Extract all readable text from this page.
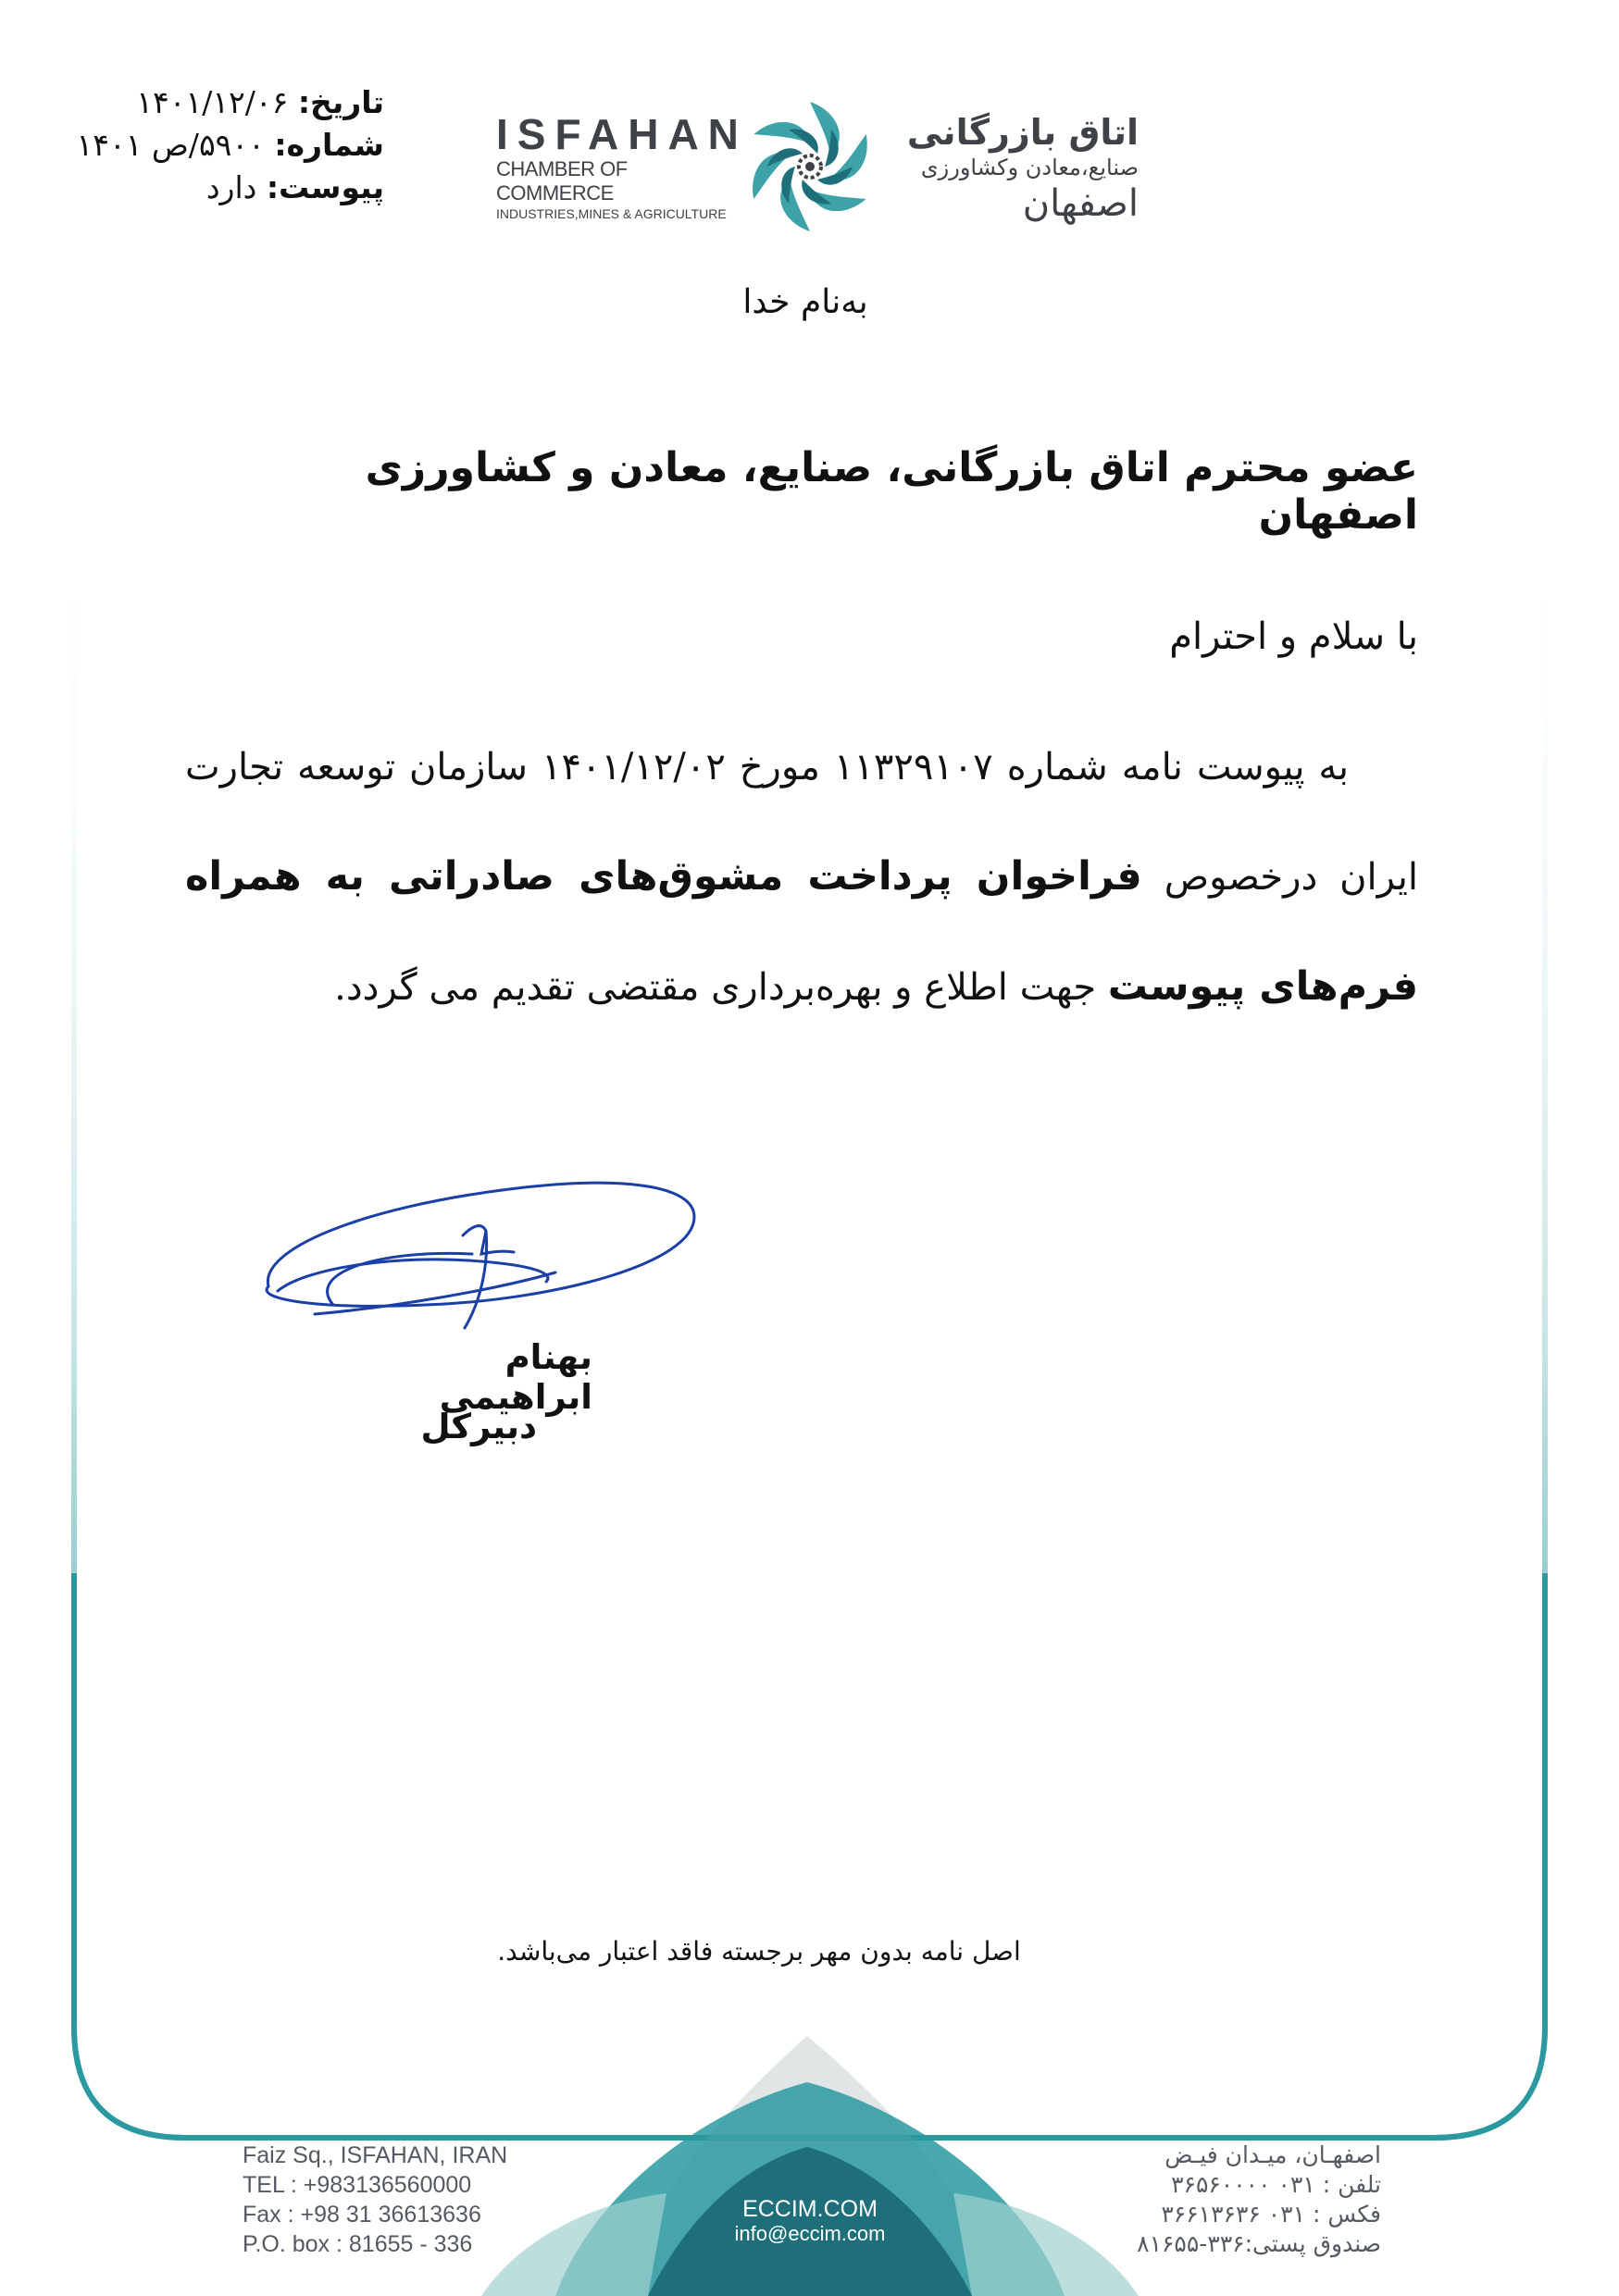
تاریخ: ۱۴۰۱/۱۲/۰۶
شماره: ۵۹۰۰/ص ۱۴۰۱
پیوست: دارد
ISFAHAN
CHAMBER OF COMMERCE
INDUSTRIES,MINES & AGRICULTURE
اتاق بازرگانی
صنایع،معادن وکشاورزی
اصفهان
به‌نام خدا
عضو محترم اتاق بازرگانی، صنایع، معادن و کشاورزی اصفهان
با سلام و احترام
به پیوست نامه شماره ۱۱۳۲۹۱۰۷ مورخ ۱۴۰۱/۱۲/۰۲ سازمان توسعه تجارت ایران درخصوص فراخوان پرداخت مشوق‌های صادراتی به همراه فرم‌های پیوست جهت اطلاع و بهره‌برداری مقتضی تقدیم می گردد.
بهنام ابراهیمی
دبیرکل
اصل نامه بدون مهر برجسته فاقد اعتبار می‌باشد.
Faiz Sq., ISFAHAN, IRAN
TEL : +983136560000
Fax : +98 31 36613636
P.O. box : 81655 - 336
ECCIM.COM
info@eccim.com
اصفهـان، میـدان فیـض
تلفن : ۰۳۱ ۳۶۵۶۰۰۰۰
فکس : ۰۳۱ ۳۶۶۱۳۶۳۶
صندوق پستی:۳۳۶-۸۱۶۵۵
